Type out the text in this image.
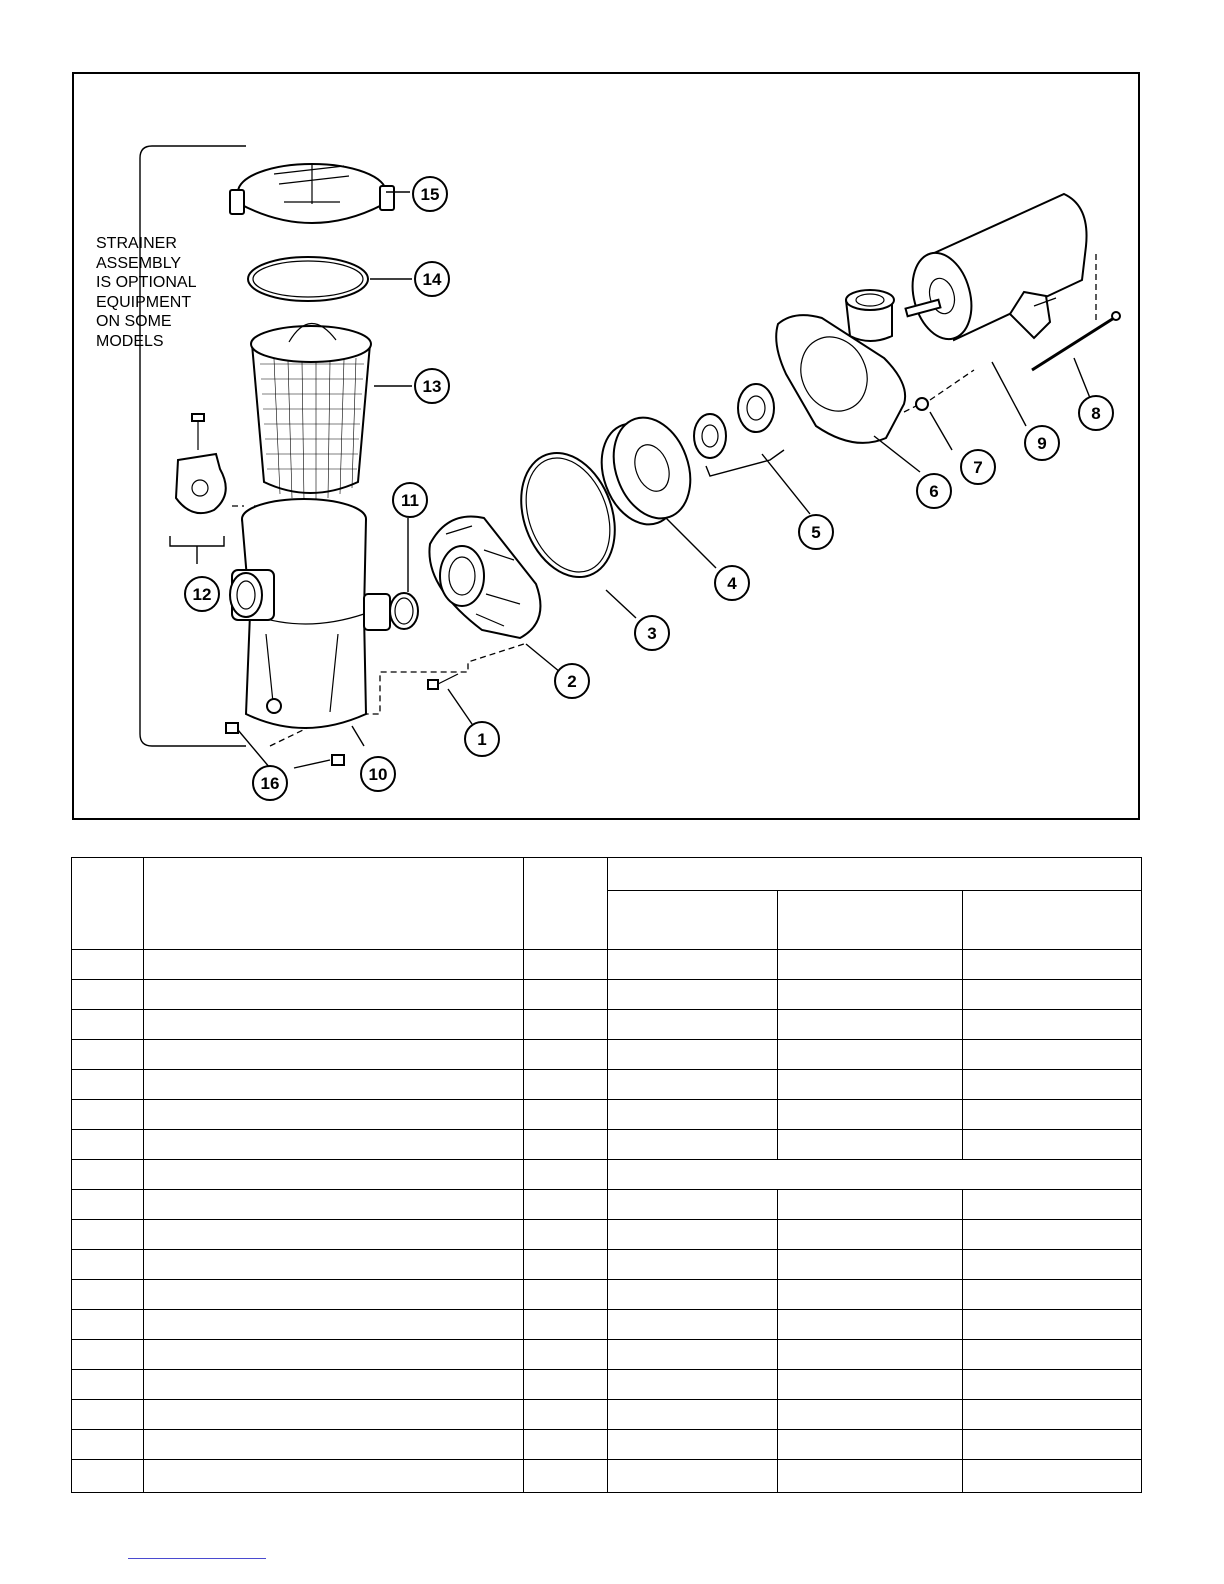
15
14
13
11
12
1
2
3
4
5
6
7
9
8
10
16
STRAINER
ASSEMBLY
IS OPTIONAL
EQUIPMENT
ON SOME
MODELS
